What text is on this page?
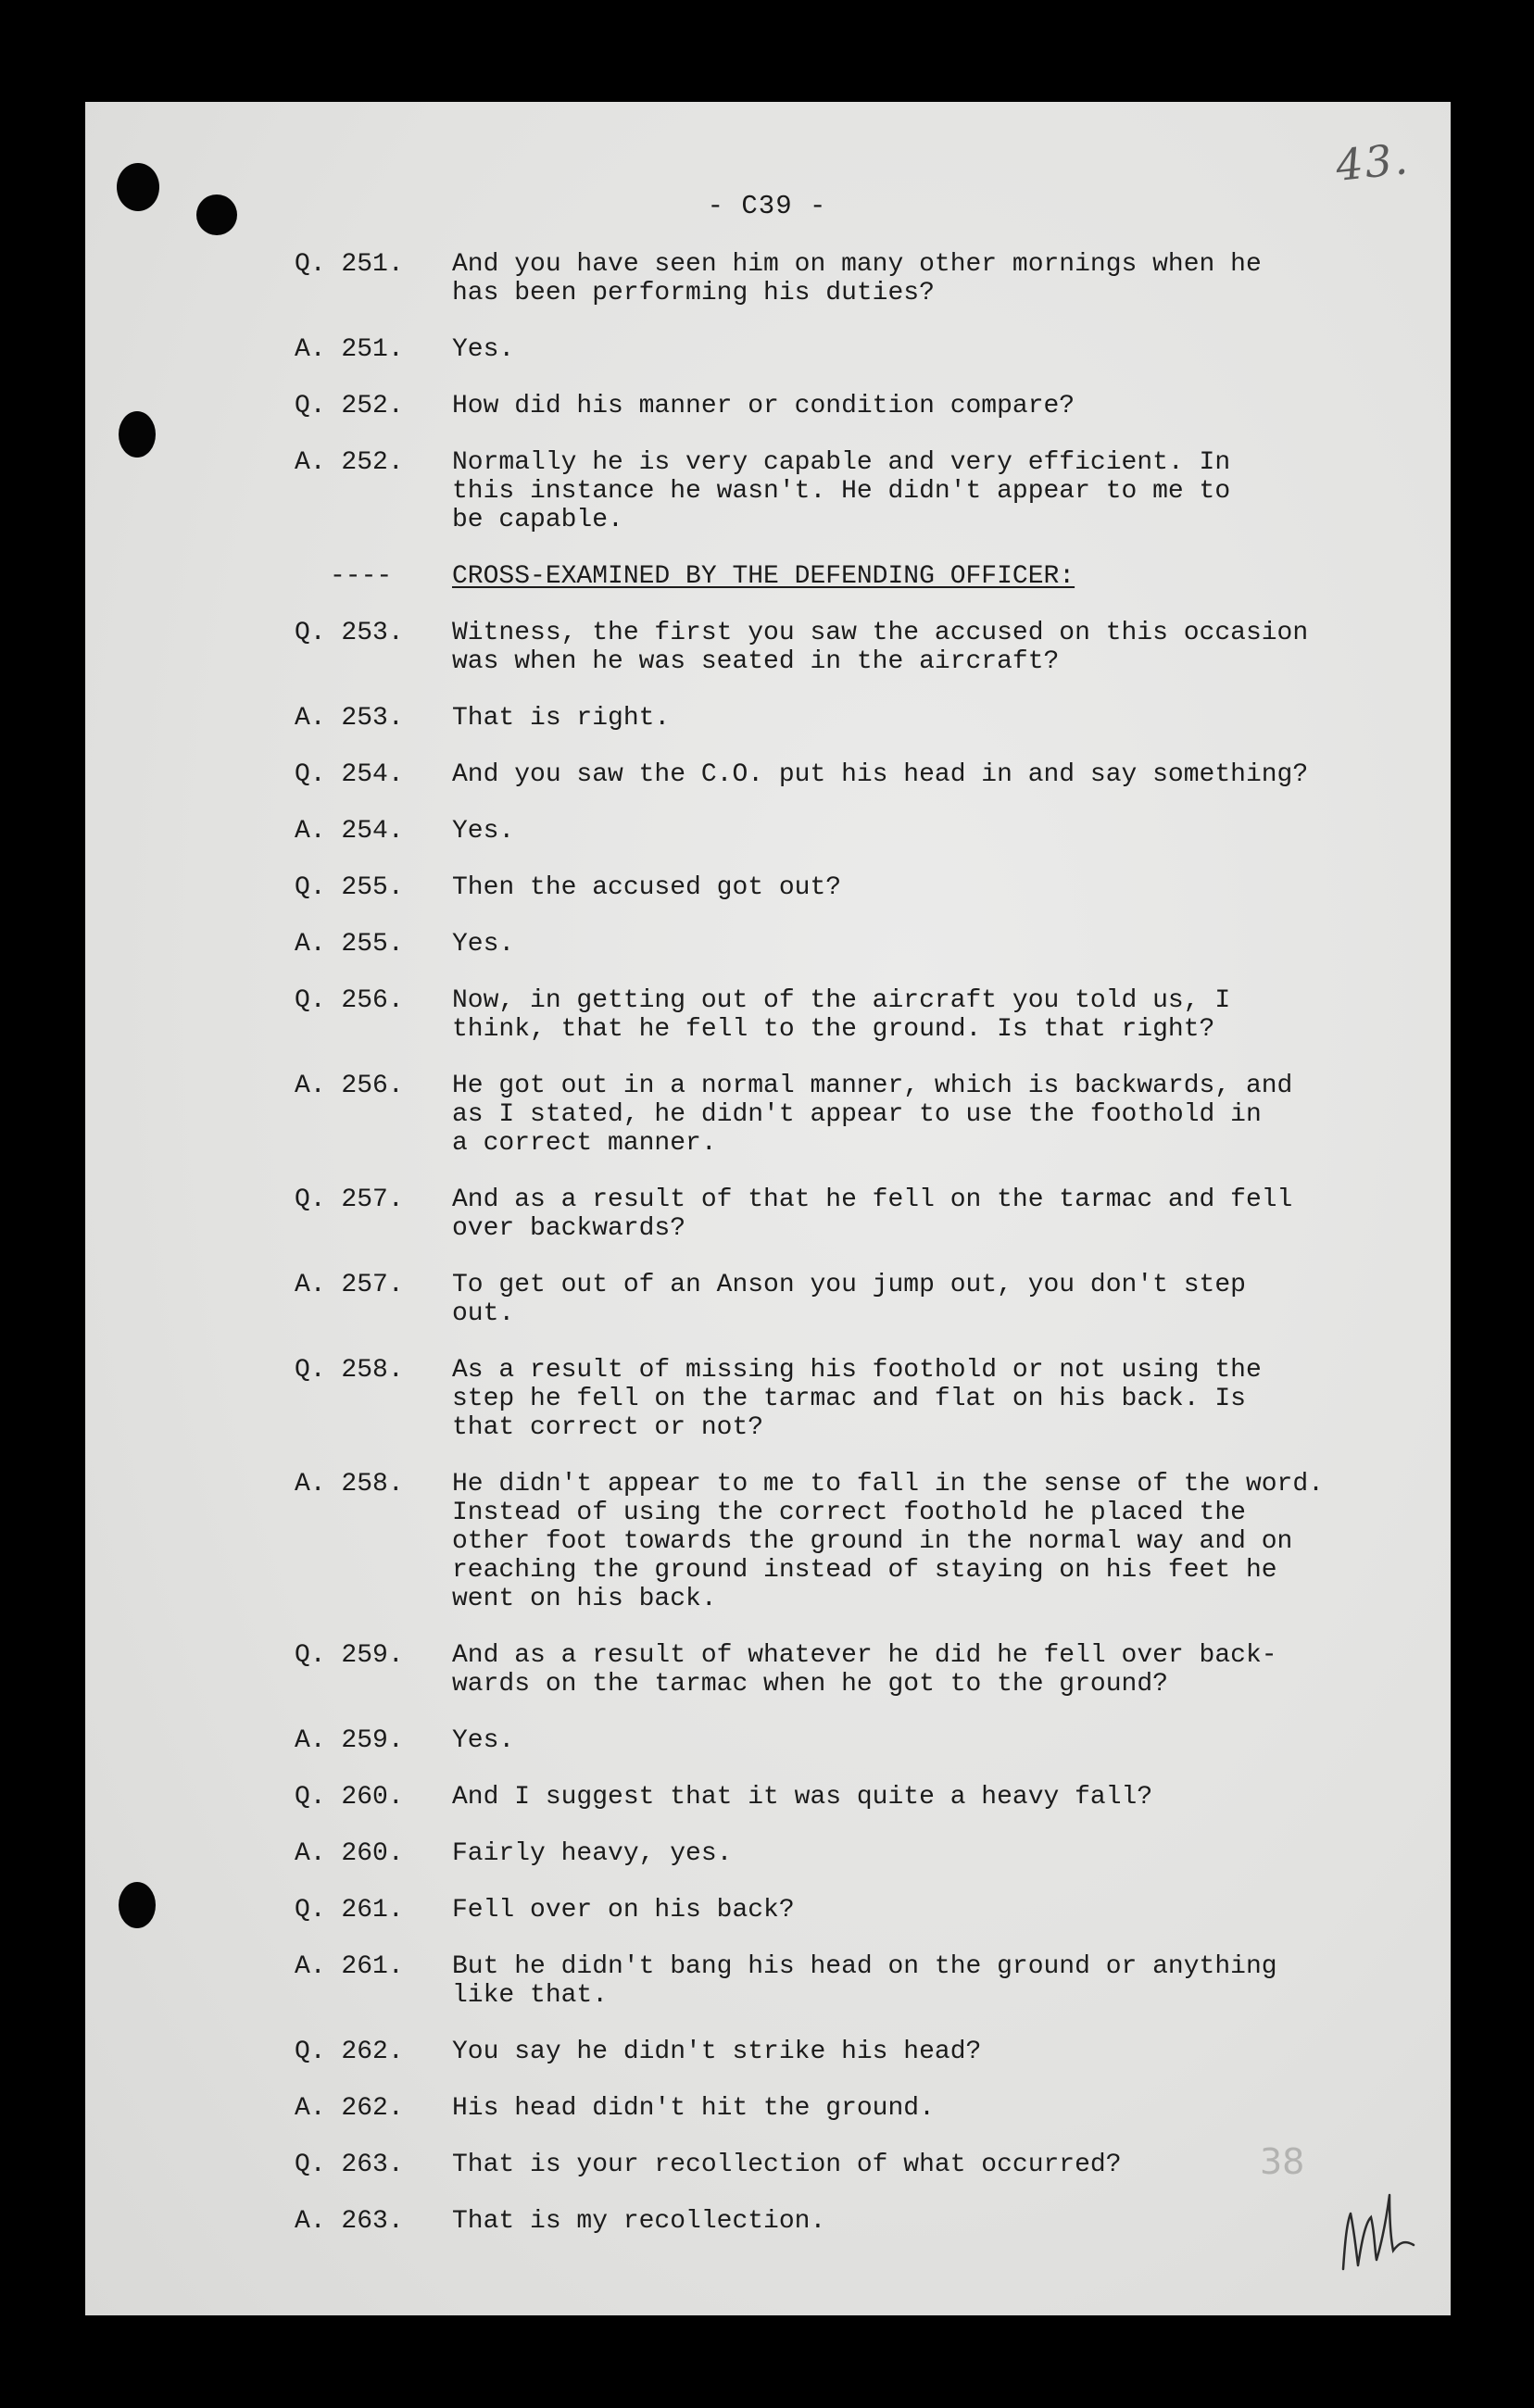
43.
- C39 -
Q. 251.	And you have seen him on many other mornings when he
has been performing his duties?
A. 251.	Yes.
Q. 252.	How did his manner or condition compare?
A. 252.	Normally he is very capable and very efficient. In
this instance he wasn't. He didn't appear to me to
be capable.
----	CROSS-EXAMINED BY THE DEFENDING OFFICER:
Q. 253.	Witness, the first you saw the accused on this occasion
was when he was seated in the aircraft?
A. 253.	That is right.
Q. 254.	And you saw the C.O. put his head in and say something?
A. 254.	Yes.
Q. 255.	Then the accused got out?
A. 255.	Yes.
Q. 256.	Now, in getting out of the aircraft you told us, I
think, that he fell to the ground. Is that right?
A. 256.	He got out in a normal manner, which is backwards, and
as I stated, he didn't appear to use the foothold in
a correct manner.
Q. 257.	And as a result of that he fell on the tarmac and fell
over backwards?
A. 257.	To get out of an Anson you jump out, you don't step
out.
Q. 258.	As a result of missing his foothold or not using the
step he fell on the tarmac and flat on his back. Is
that correct or not?
A. 258.	He didn't appear to me to fall in the sense of the word.
Instead of using the correct foothold he placed the
other foot towards the ground in the normal way and on
reaching the ground instead of staying on his feet he
went on his back.
Q. 259.	And as a result of whatever he did he fell over back-
wards on the tarmac when he got to the ground?
A. 259.	Yes.
Q. 260.	And I suggest that it was quite a heavy fall?
A. 260.	Fairly heavy, yes.
Q. 261.	Fell over on his back?
A. 261.	But he didn't bang his head on the ground or anything
like that.
Q. 262.	You say he didn't strike his head?
A. 262.	His head didn't hit the ground.
Q. 263.	That is your recollection of what occurred?
A. 263.	That is my recollection.
38
